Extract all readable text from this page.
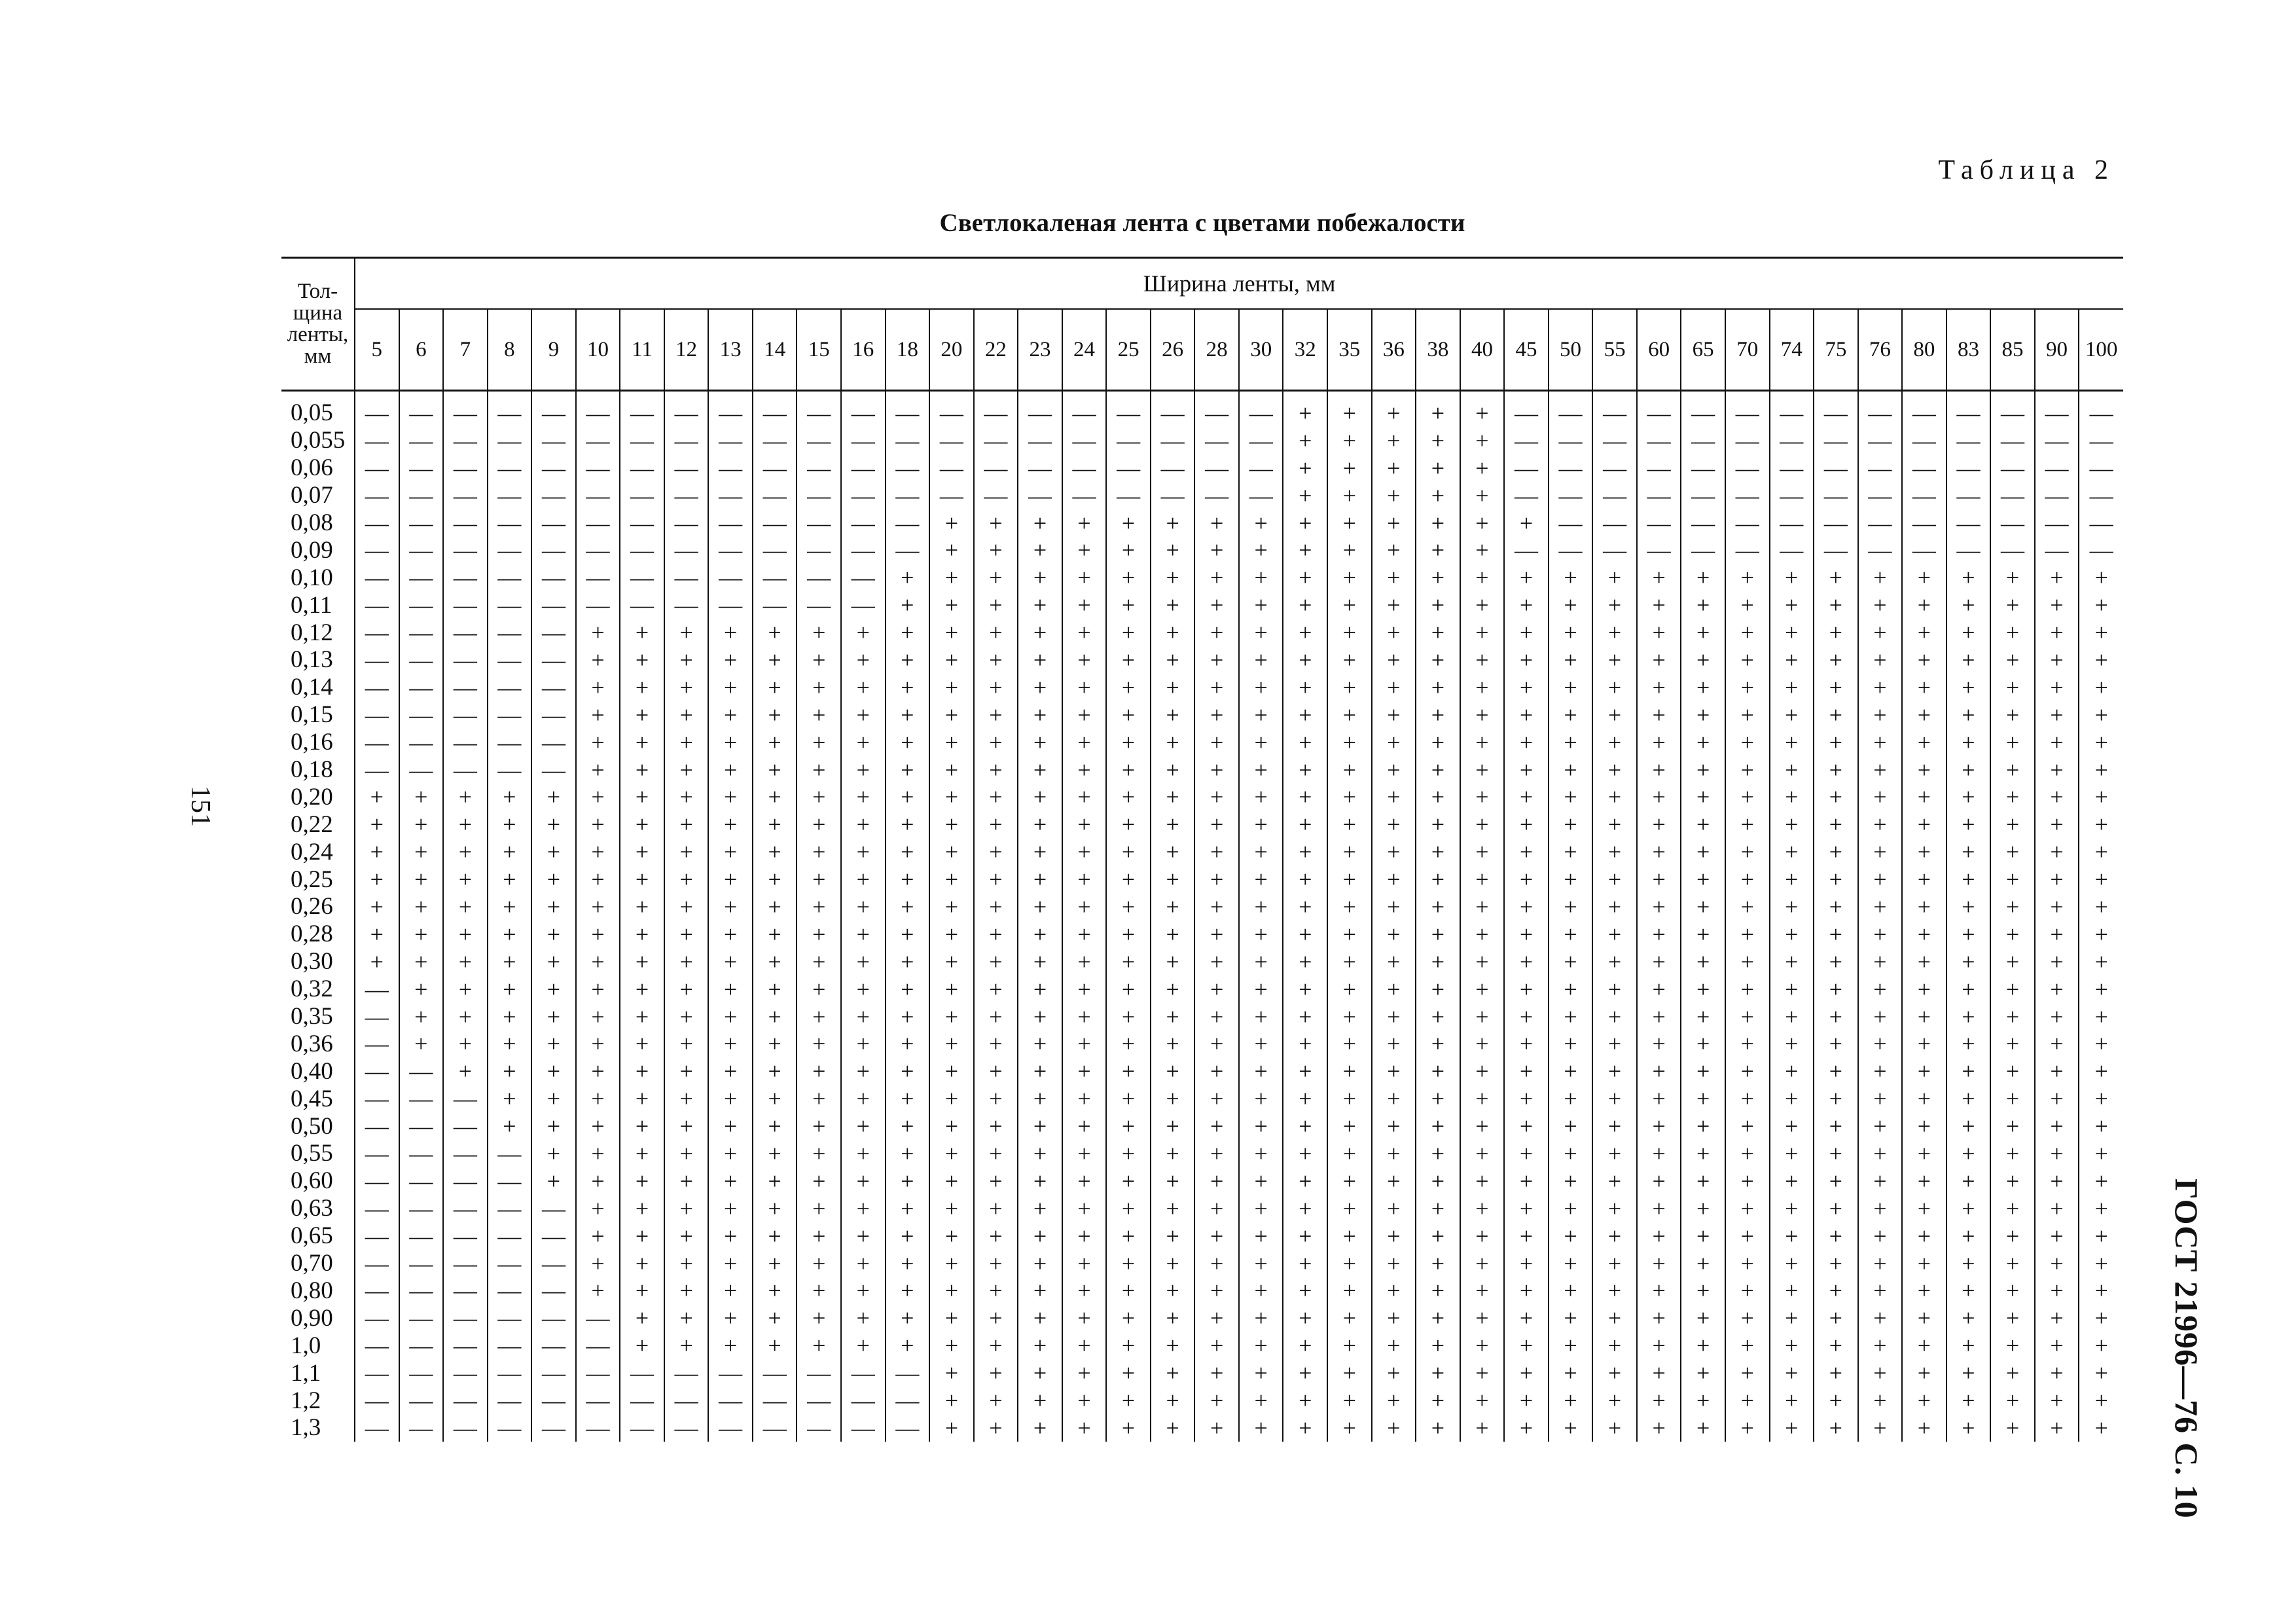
Таблица 2
Светлокаленая лента с цветами побежалости
151
ГОСТ 21996—76 С. 10
Тол-
щина
ленты,
мм	Ширина ленты, мм																																							
	5	6	7	8	9	10	11	12	13	14	15	16	18	20	22	23	24	25	26	28	30	32	35	36	38	40	45	50	55	60	65	70	74	75	76	80	83	85	90	100

0,05	—	—	—	—	—	—	—	—	—	—	—	—	—	—	—	—	—	—	—	—	—	+	+	+	+	+	—	—	—	—	—	—	—	—	—	—	—	—	—	—
0,055	—	—	—	—	—	—	—	—	—	—	—	—	—	—	—	—	—	—	—	—	—	+	+	+	+	+	—	—	—	—	—	—	—	—	—	—	—	—	—	—
0,06	—	—	—	—	—	—	—	—	—	—	—	—	—	—	—	—	—	—	—	—	—	+	+	+	+	+	—	—	—	—	—	—	—	—	—	—	—	—	—	—
0,07	—	—	—	—	—	—	—	—	—	—	—	—	—	—	—	—	—	—	—	—	—	+	+	+	+	+	—	—	—	—	—	—	—	—	—	—	—	—	—	—
0,08	—	—	—	—	—	—	—	—	—	—	—	—	—	+	+	+	+	+	+	+	+	+	+	+	+	+	+	—	—	—	—	—	—	—	—	—	—	—	—	—
0,09	—	—	—	—	—	—	—	—	—	—	—	—	—	+	+	+	+	+	+	+	+	+	+	+	+	+	—	—	—	—	—	—	—	—	—	—	—	—	—	—
0,10	—	—	—	—	—	—	—	—	—	—	—	—	+	+	+	+	+	+	+	+	+	+	+	+	+	+	+	+	+	+	+	+	+	+	+	+	+	+	+	+
0,11	—	—	—	—	—	—	—	—	—	—	—	—	+	+	+	+	+	+	+	+	+	+	+	+	+	+	+	+	+	+	+	+	+	+	+	+	+	+	+	+
0,12	—	—	—	—	—	+	+	+	+	+	+	+	+	+	+	+	+	+	+	+	+	+	+	+	+	+	+	+	+	+	+	+	+	+	+	+	+	+	+	+
0,13	—	—	—	—	—	+	+	+	+	+	+	+	+	+	+	+	+	+	+	+	+	+	+	+	+	+	+	+	+	+	+	+	+	+	+	+	+	+	+	+
0,14	—	—	—	—	—	+	+	+	+	+	+	+	+	+	+	+	+	+	+	+	+	+	+	+	+	+	+	+	+	+	+	+	+	+	+	+	+	+	+	+
0,15	—	—	—	—	—	+	+	+	+	+	+	+	+	+	+	+	+	+	+	+	+	+	+	+	+	+	+	+	+	+	+	+	+	+	+	+	+	+	+	+
0,16	—	—	—	—	—	+	+	+	+	+	+	+	+	+	+	+	+	+	+	+	+	+	+	+	+	+	+	+	+	+	+	+	+	+	+	+	+	+	+	+
0,18	—	—	—	—	—	+	+	+	+	+	+	+	+	+	+	+	+	+	+	+	+	+	+	+	+	+	+	+	+	+	+	+	+	+	+	+	+	+	+	+
0,20	+	+	+	+	+	+	+	+	+	+	+	+	+	+	+	+	+	+	+	+	+	+	+	+	+	+	+	+	+	+	+	+	+	+	+	+	+	+	+	+
0,22	+	+	+	+	+	+	+	+	+	+	+	+	+	+	+	+	+	+	+	+	+	+	+	+	+	+	+	+	+	+	+	+	+	+	+	+	+	+	+	+
0,24	+	+	+	+	+	+	+	+	+	+	+	+	+	+	+	+	+	+	+	+	+	+	+	+	+	+	+	+	+	+	+	+	+	+	+	+	+	+	+	+
0,25	+	+	+	+	+	+	+	+	+	+	+	+	+	+	+	+	+	+	+	+	+	+	+	+	+	+	+	+	+	+	+	+	+	+	+	+	+	+	+	+
0,26	+	+	+	+	+	+	+	+	+	+	+	+	+	+	+	+	+	+	+	+	+	+	+	+	+	+	+	+	+	+	+	+	+	+	+	+	+	+	+	+
0,28	+	+	+	+	+	+	+	+	+	+	+	+	+	+	+	+	+	+	+	+	+	+	+	+	+	+	+	+	+	+	+	+	+	+	+	+	+	+	+	+
0,30	+	+	+	+	+	+	+	+	+	+	+	+	+	+	+	+	+	+	+	+	+	+	+	+	+	+	+	+	+	+	+	+	+	+	+	+	+	+	+	+
0,32	—	+	+	+	+	+	+	+	+	+	+	+	+	+	+	+	+	+	+	+	+	+	+	+	+	+	+	+	+	+	+	+	+	+	+	+	+	+	+	+
0,35	—	+	+	+	+	+	+	+	+	+	+	+	+	+	+	+	+	+	+	+	+	+	+	+	+	+	+	+	+	+	+	+	+	+	+	+	+	+	+	+
0,36	—	+	+	+	+	+	+	+	+	+	+	+	+	+	+	+	+	+	+	+	+	+	+	+	+	+	+	+	+	+	+	+	+	+	+	+	+	+	+	+
0,40	—	—	+	+	+	+	+	+	+	+	+	+	+	+	+	+	+	+	+	+	+	+	+	+	+	+	+	+	+	+	+	+	+	+	+	+	+	+	+	+
0,45	—	—	—	+	+	+	+	+	+	+	+	+	+	+	+	+	+	+	+	+	+	+	+	+	+	+	+	+	+	+	+	+	+	+	+	+	+	+	+	+
0,50	—	—	—	+	+	+	+	+	+	+	+	+	+	+	+	+	+	+	+	+	+	+	+	+	+	+	+	+	+	+	+	+	+	+	+	+	+	+	+	+
0,55	—	—	—	—	+	+	+	+	+	+	+	+	+	+	+	+	+	+	+	+	+	+	+	+	+	+	+	+	+	+	+	+	+	+	+	+	+	+	+	+
0,60	—	—	—	—	+	+	+	+	+	+	+	+	+	+	+	+	+	+	+	+	+	+	+	+	+	+	+	+	+	+	+	+	+	+	+	+	+	+	+	+
0,63	—	—	—	—	—	+	+	+	+	+	+	+	+	+	+	+	+	+	+	+	+	+	+	+	+	+	+	+	+	+	+	+	+	+	+	+	+	+	+	+
0,65	—	—	—	—	—	+	+	+	+	+	+	+	+	+	+	+	+	+	+	+	+	+	+	+	+	+	+	+	+	+	+	+	+	+	+	+	+	+	+	+
0,70	—	—	—	—	—	+	+	+	+	+	+	+	+	+	+	+	+	+	+	+	+	+	+	+	+	+	+	+	+	+	+	+	+	+	+	+	+	+	+	+
0,80	—	—	—	—	—	+	+	+	+	+	+	+	+	+	+	+	+	+	+	+	+	+	+	+	+	+	+	+	+	+	+	+	+	+	+	+	+	+	+	+
0,90	—	—	—	—	—	—	+	+	+	+	+	+	+	+	+	+	+	+	+	+	+	+	+	+	+	+	+	+	+	+	+	+	+	+	+	+	+	+	+	+
1,0	—	—	—	—	—	—	+	+	+	+	+	+	+	+	+	+	+	+	+	+	+	+	+	+	+	+	+	+	+	+	+	+	+	+	+	+	+	+	+	+
1,1	—	—	—	—	—	—	—	—	—	—	—	—	—	+	+	+	+	+	+	+	+	+	+	+	+	+	+	+	+	+	+	+	+	+	+	+	+	+	+	+
1,2	—	—	—	—	—	—	—	—	—	—	—	—	—	+	+	+	+	+	+	+	+	+	+	+	+	+	+	+	+	+	+	+	+	+	+	+	+	+	+	+
1,3	—	—	—	—	—	—	—	—	—	—	—	—	—	+	+	+	+	+	+	+	+	+	+	+	+	+	+	+	+	+	+	+	+	+	+	+	+	+	+	+
